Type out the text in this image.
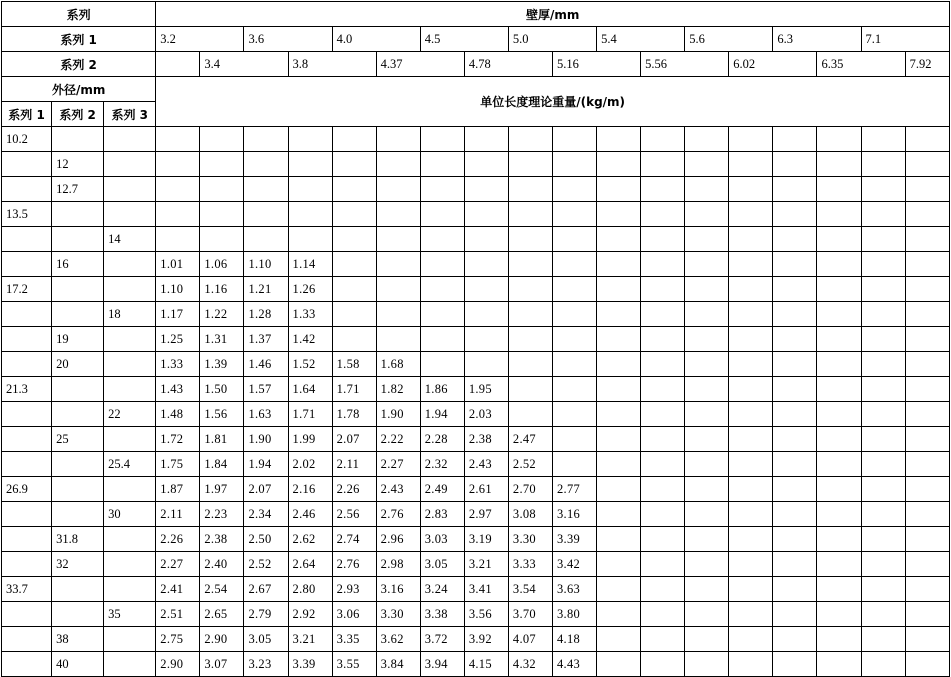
系列			壁厚/mm																	
系列 1			3.2		3.6		4.0		4.5		5.0		5.4		5.6		6.3		7.1	
系列 2				3.4		3.8		4.37		4.78		5.16		5.56		6.02		6.35		7.92
外径/mm			单位长度理论重量/(kg/m)																	
系列 1	系列 2	系列 3																		
10.2																				
	12																			
	12.7																			
13.5																				
		14																		
	16		1.01	1.06	1.10	1.14														
17.2			1.10	1.16	1.21	1.26														
		18	1.17	1.22	1.28	1.33														
	19		1.25	1.31	1.37	1.42														
	20		1.33	1.39	1.46	1.52	1.58	1.68												
21.3			1.43	1.50	1.57	1.64	1.71	1.82	1.86	1.95										
		22	1.48	1.56	1.63	1.71	1.78	1.90	1.94	2.03										
	25		1.72	1.81	1.90	1.99	2.07	2.22	2.28	2.38	2.47									
		25.4	1.75	1.84	1.94	2.02	2.11	2.27	2.32	2.43	2.52									
26.9			1.87	1.97	2.07	2.16	2.26	2.43	2.49	2.61	2.70	2.77								
		30	2.11	2.23	2.34	2.46	2.56	2.76	2.83	2.97	3.08	3.16								
	31.8		2.26	2.38	2.50	2.62	2.74	2.96	3.03	3.19	3.30	3.39								
	32		2.27	2.40	2.52	2.64	2.76	2.98	3.05	3.21	3.33	3.42								
33.7			2.41	2.54	2.67	2.80	2.93	3.16	3.24	3.41	3.54	3.63								
		35	2.51	2.65	2.79	2.92	3.06	3.30	3.38	3.56	3.70	3.80								
	38		2.75	2.90	3.05	3.21	3.35	3.62	3.72	3.92	4.07	4.18								
	40		2.90	3.07	3.23	3.39	3.55	3.84	3.94	4.15	4.32	4.43								
